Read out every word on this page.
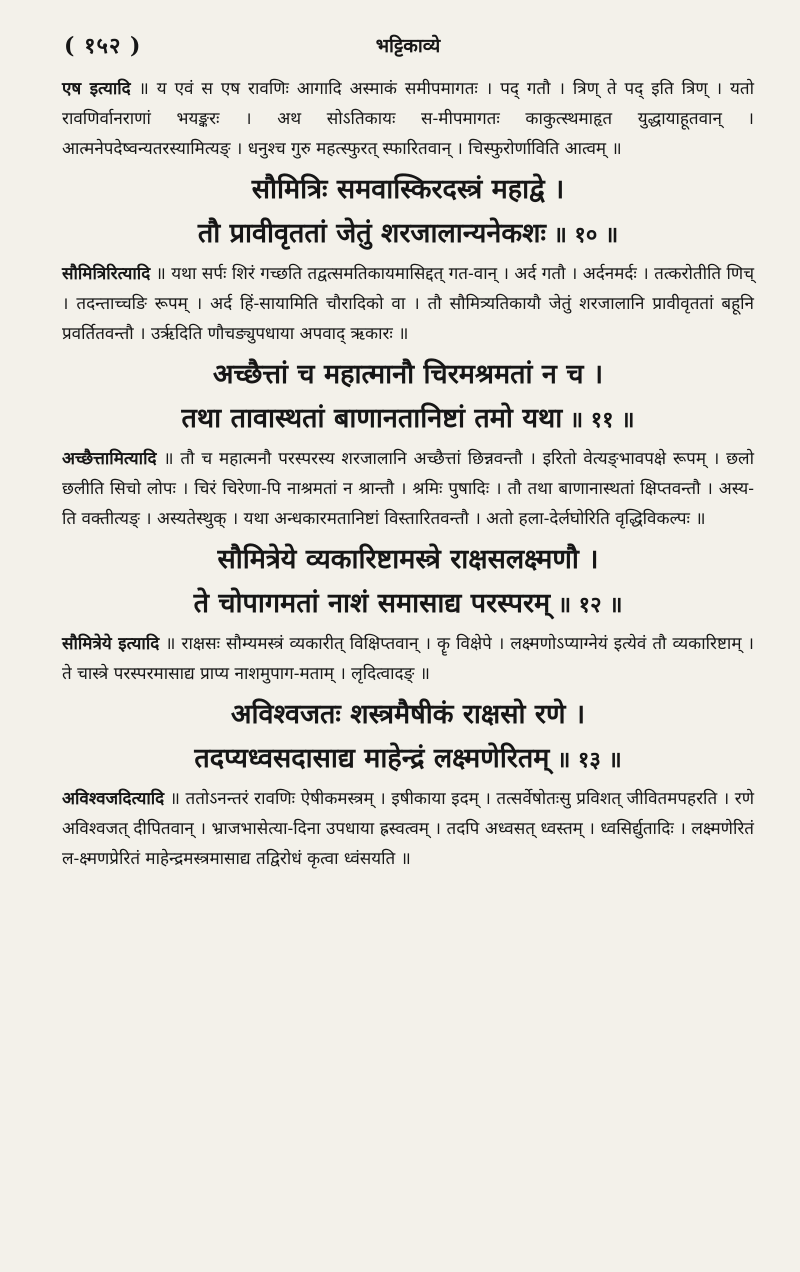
( १५२ )	भट्टिकाव्ये

एष इत्यादि ॥ य एवं स एष रावणिः आगादि अस्माकं समीपमागतः । पद् गतौ । त्रिण् ते पद् इति त्रिण् । यतो रावणिर्वानराणां भयङ्करः । अथ सोऽतिकायः स-मीपमागतः काकुत्स्थमाहृत युद्धायाहूतवान् । आत्मनेपदेष्वन्यतरस्यामित्यङ् । धनुश्च गुरु महत्स्फुरत् स्फारितवान् । चिस्फुरोर्णाविति आत्वम् ॥

सौमित्रिः समवास्किरदस्त्रं महाद्वे ।
तौ प्रावीवृततां जेतुं शरजालान्यनेकशः ॥ १० ॥

सौमित्रिरित्यादि ॥ यथा सर्पः शिरं गच्छति तद्वत्समतिकायमासिद्दत् गत-वान् । अर्द गतौ । अर्दनमर्दः । तत्करोतीति णिच् । तदन्ताच्चङि रूपम् । अर्द हिं-सायामिति चौरादिको वा । तौ सौमित्र्यतिकायौ जेतुं शरजालानि प्रावीवृततां बहूनि प्रवर्तितवन्तौ । उर्ऋदिति णौचङ्युपधाया अपवाद् ऋकारः ॥

अच्छैत्तां च महात्मानौ चिरमश्रमतां न च ।
तथा तावास्थतां बाणानतानिष्टां तमो यथा ॥ ११ ॥

अच्छैत्तामित्यादि ॥ तौ च महात्मनौ परस्परस्य शरजालानि अच्छैत्तां छिन्नवन्तौ । इरितो वेत्यङ्भावपक्षे रूपम् । छलो छलीति सिचो लोपः । चिरं चिरेणा-पि नाश्रमतां न श्रान्तौ । श्रमिः पुषादिः । तौ तथा बाणानास्थतां क्षिप्तवन्तौ । अस्य-ति वक्तीत्यङ् । अस्यतेस्थुक् । यथा अन्धकारमतानिष्टां विस्तारितवन्तौ । अतो हला-देर्लघोरिति वृद्धिविकल्पः ॥

सौमित्रेये व्यकारिष्टामस्त्रे राक्षसलक्ष्मणौ ।
ते चोपागमतां नाशं समासाद्य परस्परम् ॥ १२ ॥

सौमित्रेये इत्यादि ॥ राक्षसः सौम्यमस्त्रं व्यकारीत् विक्षिप्तवान् । कॄ विक्षेपे । लक्ष्मणोऽप्याग्नेयं इत्येवं तौ व्यकारिष्टाम् । ते चास्त्रे परस्परमासाद्य प्राप्य नाशमुपाग-मताम् । लृदित्वादङ् ॥

अविश्वजतः शस्त्रमैषीकं राक्षसो रणे ।
तदप्यध्वसदासाद्य माहेन्द्रं लक्ष्मणेरितम् ॥ १३ ॥

अविश्वजदित्यादि ॥ ततोऽनन्तरं रावणिः ऐषीकमस्त्रम् । इषीकाया इदम् । तत्सर्वेषोतःसु प्रविशत् जीवितमपहरति । रणे अविश्वजत् दीपितवान् । भ्राजभासेत्या-दिना उपधाया ह्रस्वत्वम् । तदपि अध्वसत् ध्वस्तम् । ध्वसिर्द्युतादिः । लक्ष्मणेरितं ल-क्ष्मणप्रेरितं माहेन्द्रमस्त्रमासाद्य तद्विरोधं कृत्वा ध्वंसयति ॥
